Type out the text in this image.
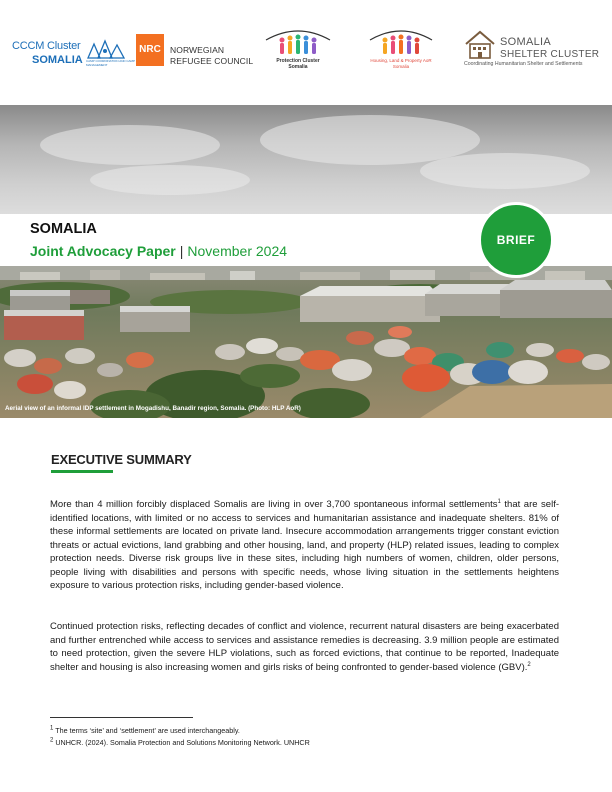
CCCM Cluster
SOMALIA CAMP COORDINATION AND CAMP MANAGEMENT
NRC	NORWEGIAN
REFUGEE COUNCIL	Protection Cluster
Somalia
Housing, Land & Property AoR
Somalia
SOMALIA
SHELTER CLUSTER
Coordinating Humanitarian Shelter and Settlements
SOMALIA
Joint Advocacy Paper | November 2024
Aerial view of an informal IDP settlement in Mogadishu, Banadir region, Somalia. (Photo: HLP AoR)
BRIEF
EXECUTIVE SUMMARY
More than 4 million forcibly displaced Somalis are living in over 3,700 spontaneous informal settlements$^1$ that are self-identified locations, with limited or no access to services and humanitarian assistance and inadequate shelters. 81% of these informal settlements are located on private land. Insecure accommodation arrangements trigger constant eviction threats or actual evictions, land grabbing and other housing, land, and property (HLP) related issues, leading to complex protection needs. Diverse risk groups live in these sites, including high numbers of women, children, older persons, people living with disabilities and persons with specific needs, whose living situation in the settlements heightens exposure to various protection risks, including gender-based violence.
Continued protection risks, reflecting decades of conflict and violence, recurrent natural disasters are being exacerbated and further entrenched while access to services and assistance remedies is decreasing. 3.9 million people are estimated to need protection, given the severe HLP violations, such as forced evictions, that continue to be reported, Inadequate shelter and housing is also increasing women and girls risks of being confronted to gender-based violence (GBV).$^2$
$^1$ The terms ‘site’ and ‘settlement’ are used interchangeably.
$^2$ UNHCR. (2024). Somalia Protection and Solutions Monitoring Network. UNHCR
